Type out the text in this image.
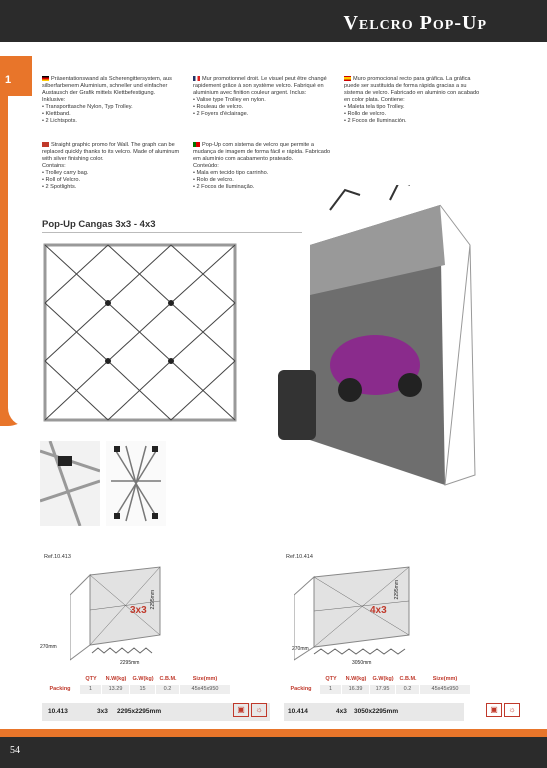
Velcro Pop-Up
1	Präsentationswand als Scherengittersystem, aus silberfarbenem Aluminium, schneller und einfacher Austausch der Grafik mittels Klettbefestigung. Inklusive:
• Transporttasche Nylon, Typ Trolley.
• Klettband.
• 2 Lichtspots.
Straight graphic promo for Wall. The graph can be replaced quickly thanks to its velcro. Made of aluminum with silver finishing color.
Contains:
• Trolley carry bag.
• Roll of Velcro.
• 2 Spotlights.
Mur promotionnel droit. Le visuel peut être changé rapidement grâce à son système velcro. Fabriqué en aluminium avec finition couleur argent. Inclus:
• Valise type Trolley en nylon.
• Rouleau de velcro.
• 2 Foyers d'éclairage.
Pop-Up com sistema de velcro que permite a mudança de imagem de forma fácil e rápida. Fabricado em alumínio com acabamento prateado.
Conteúdo:
• Mala em tecido tipo carrinho.
• Rolo de velcro.
• 2 Focos de Iluminação.
Muro promocional recto para gráfica. La gráfica puede ser sustituida de forma rápida gracias a su sistema de velcro. Fabricado en aluminio con acabado en color plata. Contiene:
• Maleta tela tipo Trolley.
• Rollo de velcro.
• 2 Focos de Iluminación.
Pop-Up Cangas 3x3 - 4x3
Ref.10.413
3x3
2295mm
270mm
2295mm
QTY	N.W(kg)	G.W(kg)	C.B.M.	Size(mm)
Packing	1	13.29	15	0.2	45x45x950
10.413	3x3 2295x2295mm	▣	☼
Ref.10.414
4x3
2295mm
270mm
3050mm
QTY	N.W(kg)	G.W(kg)	C.B.M.	Size(mm)
Packing	1	16.39	17.95	0.2	45x45x950
10.414	4x3 3050x2295mm	▣	☼
54
